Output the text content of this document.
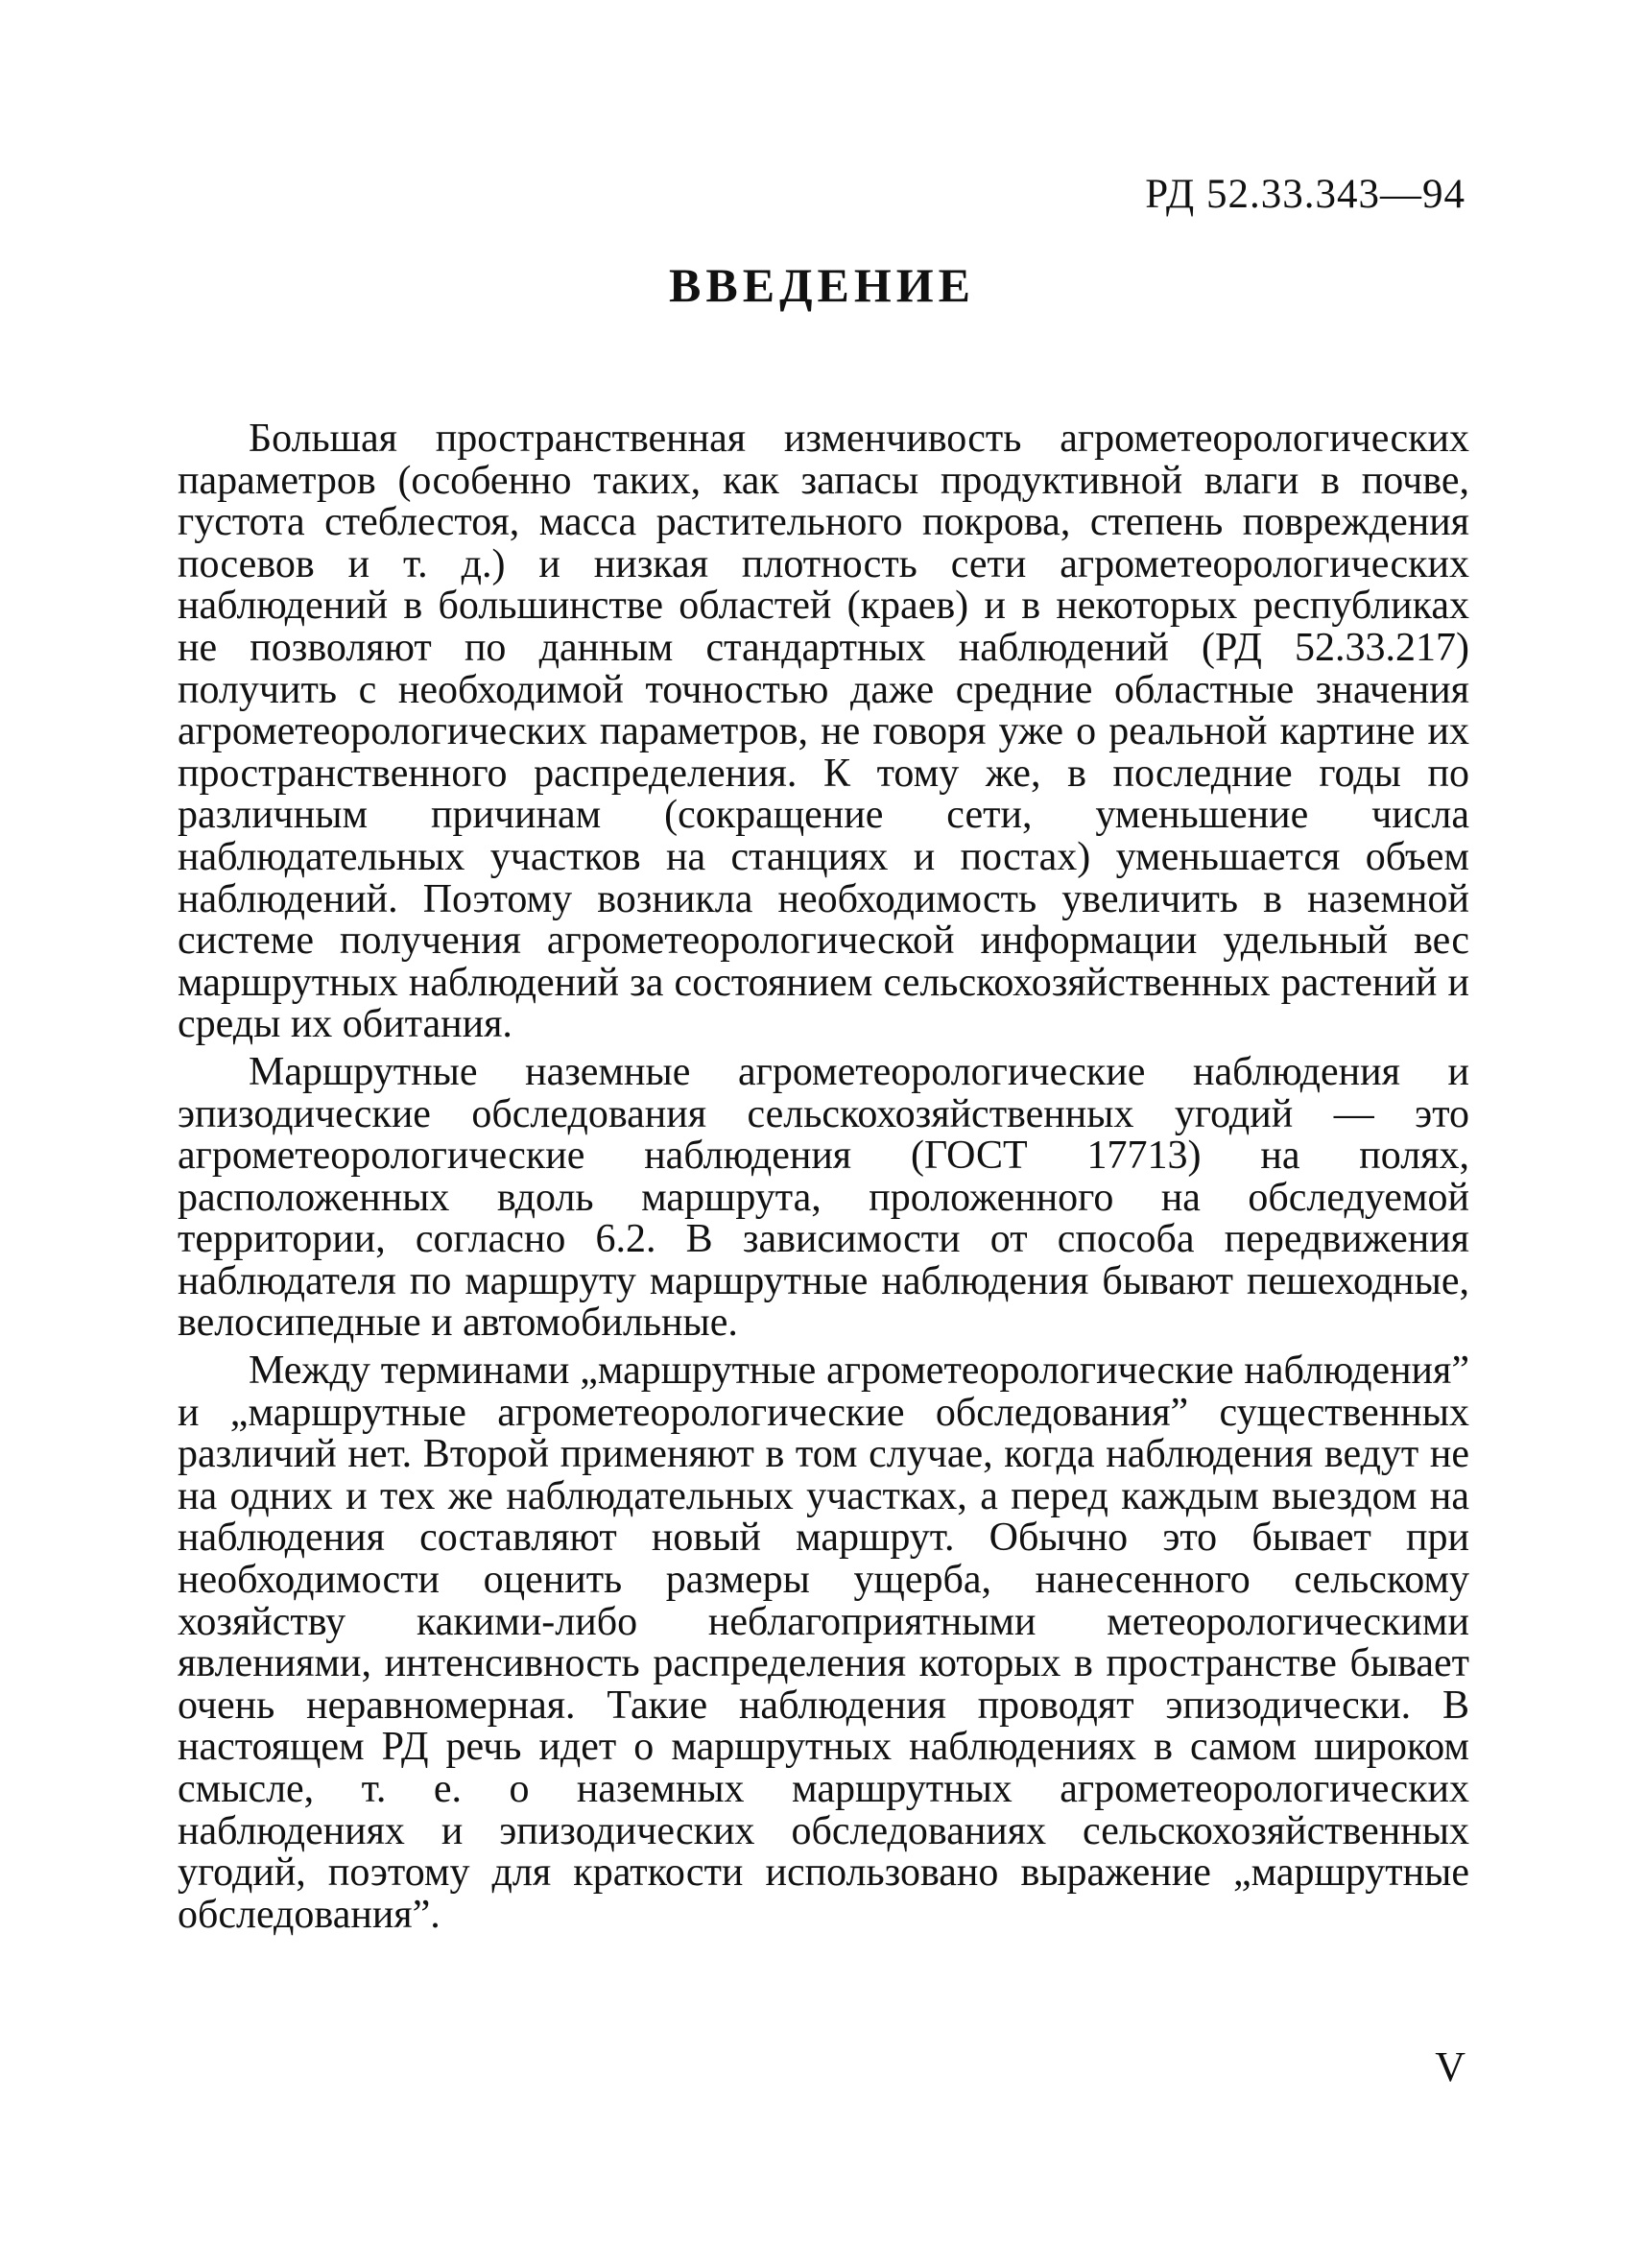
РД 52.33.343—94

ВВЕДЕНИЕ

Большая пространственная изменчивость агрометеорологических параметров (особенно таких, как запасы продуктивной влаги в почве, густота стеблестоя, масса растительного покрова, степень повреждения посевов и т. д.) и низкая плотность сети агрометеорологических наблюдений в большинстве областей (краев) и в некоторых республиках не позволяют по данным стандартных наблюдений (РД 52.33.217) получить с необходимой точностью даже средние областные значения агрометеорологических параметров, не говоря уже о реальной картине их пространственного распределения. К тому же, в последние годы по различным причинам (сокращение сети, уменьшение числа наблюдательных участков на станциях и постах) уменьшается объем наблюдений. Поэтому возникла необходимость увеличить в наземной системе получения агрометеорологической информации удельный вес маршрутных наблюдений за состоянием сельскохозяйственных растений и среды их обитания.

Маршрутные наземные агрометеорологические наблюдения и эпизодические обследования сельскохозяйственных угодий — это агрометеорологические наблюдения (ГОСТ 17713) на полях, расположенных вдоль маршрута, проложенного на обследуемой территории, согласно 6.2. В зависимости от способа передвижения наблюдателя по маршруту маршрутные наблюдения бывают пешеходные, велосипедные и автомобильные.

Между терминами „маршрутные агрометеорологические наблюдения” и „маршрутные агрометеорологические обследования” существенных различий нет. Второй применяют в том случае, когда наблюдения ведут не на одних и тех же наблюдательных участках, а перед каждым выездом на наблюдения составляют новый маршрут. Обычно это бывает при необходимости оценить размеры ущерба, нанесенного сельскому хозяйству какими-либо неблагоприятными метеорологическими явлениями, интенсивность распределения которых в пространстве бывает очень неравномерная. Такие наблюдения проводят эпизодически. В настоящем РД речь идет о маршрутных наблюдениях в самом широком смысле, т. е. о наземных маршрутных агрометеорологических наблюдениях и эпизодических обследованиях сельскохозяйственных угодий, поэтому для краткости использовано выражение „маршрутные обследования”.

V
